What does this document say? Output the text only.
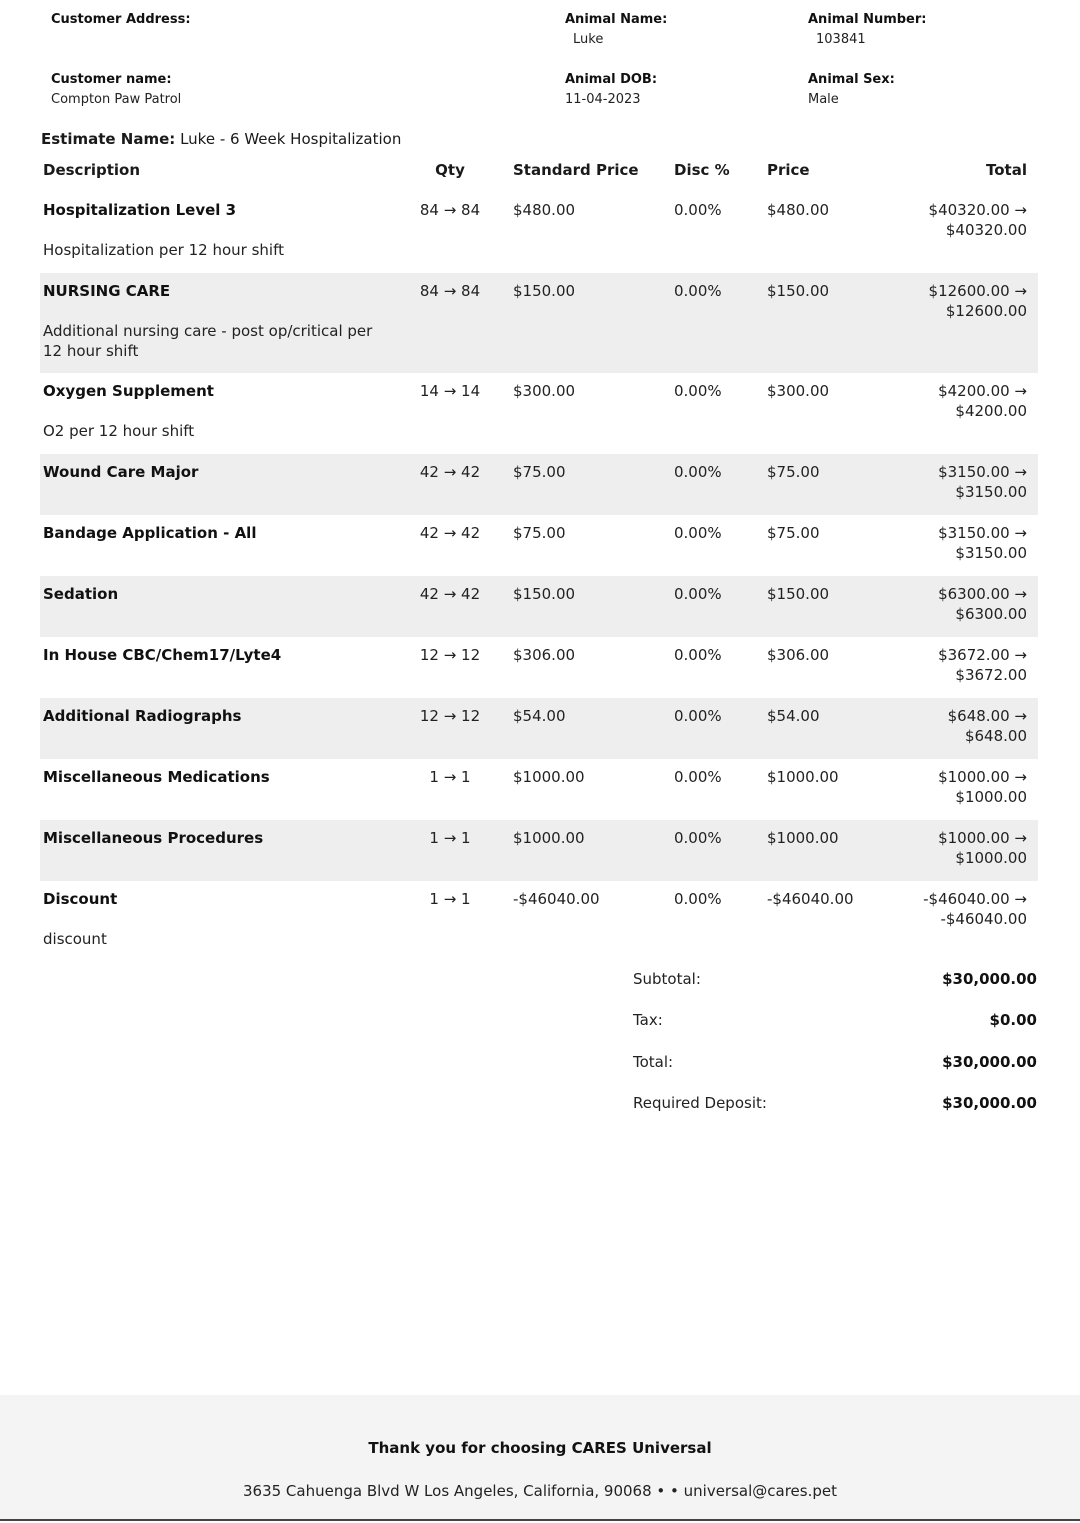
Customer Address:
Customer name:
Compton Paw Patrol
Animal Name:
Luke
Animal DOB:
11-04-2023
Animal Number:
103841
Animal Sex:
Male
Estimate Name: Luke - 6 Week Hospitalization
Description	Qty	Standard Price	Disc %	Price	Total

Hospitalization Level 3
Hospitalization per 12 hour shift	84 → 84	$480.00	0.00%	$480.00	$40320.00 → $40320.00

NURSING CARE
Additional nursing care - post op/critical per 12 hour shift	84 → 84	$150.00	0.00%	$150.00	$12600.00 → $12600.00

Oxygen Supplement
O2 per 12 hour shift	14 → 14	$300.00	0.00%	$300.00	$4200.00 → $4200.00

Wound Care Major	42 → 42	$75.00	0.00%	$75.00	$3150.00 → $3150.00

Bandage Application - All	42 → 42	$75.00	0.00%	$75.00	$3150.00 → $3150.00

Sedation	42 → 42	$150.00	0.00%	$150.00	$6300.00 → $6300.00

In House CBC/Chem17/Lyte4	12 → 12	$306.00	0.00%	$306.00	$3672.00 → $3672.00

Additional Radiographs	12 → 12	$54.00	0.00%	$54.00	$648.00 → $648.00

Miscellaneous Medications	1 → 1	$1000.00	0.00%	$1000.00	$1000.00 → $1000.00

Miscellaneous Procedures	1 → 1	$1000.00	0.00%	$1000.00	$1000.00 → $1000.00

Discount
discount	1 → 1	-$46040.00	0.00%	-$46040.00	-$46040.00 → -$46040.00
Subtotal:	$30,000.00
Tax:	$0.00
Total:	$30,000.00
Required Deposit:	$30,000.00
Thank you for choosing CARES Universal
3635 Cahuenga Blvd W Los Angeles, California, 90068 • • universal@cares.pet
